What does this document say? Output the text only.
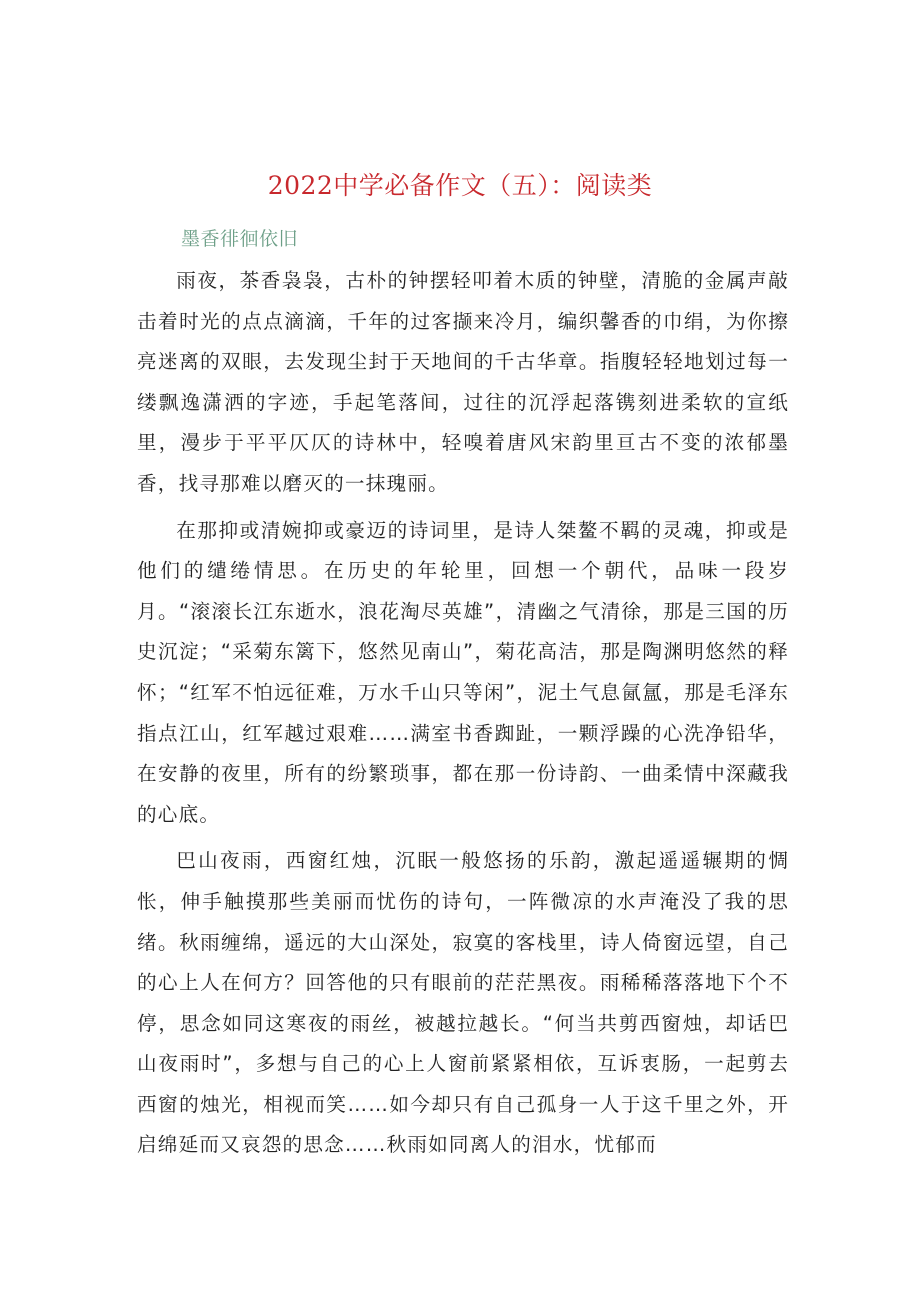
2022中学必备作文（五）：阅读类
墨香徘徊依旧

雨夜，茶香袅袅，古朴的钟摆轻叩着木质的钟壁，清脆的金属声敲击着时光的点点滴滴，千年的过客撷来冷月，编织馨香的巾绢，为你擦亮迷离的双眼，去发现尘封于天地间的千古华章。指腹轻轻地划过每一缕飘逸潇洒的字迹，手起笔落间，过往的沉浮起落镌刻进柔软的宣纸里，漫步于平平仄仄的诗林中，轻嗅着唐风宋韵里亘古不变的浓郁墨香，找寻那难以磨灭的一抹瑰丽。

在那抑或清婉抑或豪迈的诗词里，是诗人桀鳌不羁的灵魂，抑或是他们的缱绻情思。在历史的年轮里，回想一个朝代，品味一段岁月。“滚滚长江东逝水，浪花淘尽英雄”，清幽之气清徐，那是三国的历史沉淀；“采菊东篱下，悠然见南山”，菊花高洁，那是陶渊明悠然的释怀；“红军不怕远征难，万水千山只等闲”，泥土气息氤氲，那是毛泽东指点江山，红军越过艰难……满室书香踟趾，一颗浮躁的心洗净铅华，在安静的夜里，所有的纷繁琐事，都在那一份诗韵、一曲柔情中深藏我的心底。

巴山夜雨，西窗红烛，沉眠一般悠扬的乐韵，激起遥遥辗期的惆怅，伸手触摸那些美丽而忧伤的诗句，一阵微凉的水声淹没了我的思绪。秋雨缠绵，遥远的大山深处，寂寞的客栈里，诗人倚窗远望，自己的心上人在何方？回答他的只有眼前的茫茫黑夜。雨稀稀落落地下个不停，思念如同这寒夜的雨丝，被越拉越长。“何当共剪西窗烛，却话巴山夜雨时”，多想与自己的心上人窗前紧紧相依，互诉衷肠，一起剪去西窗的烛光，相视而笑……如今却只有自己孤身一人于这千里之外，开启绵延而又哀怨的思念……秋雨如同离人的泪水，忧郁而
